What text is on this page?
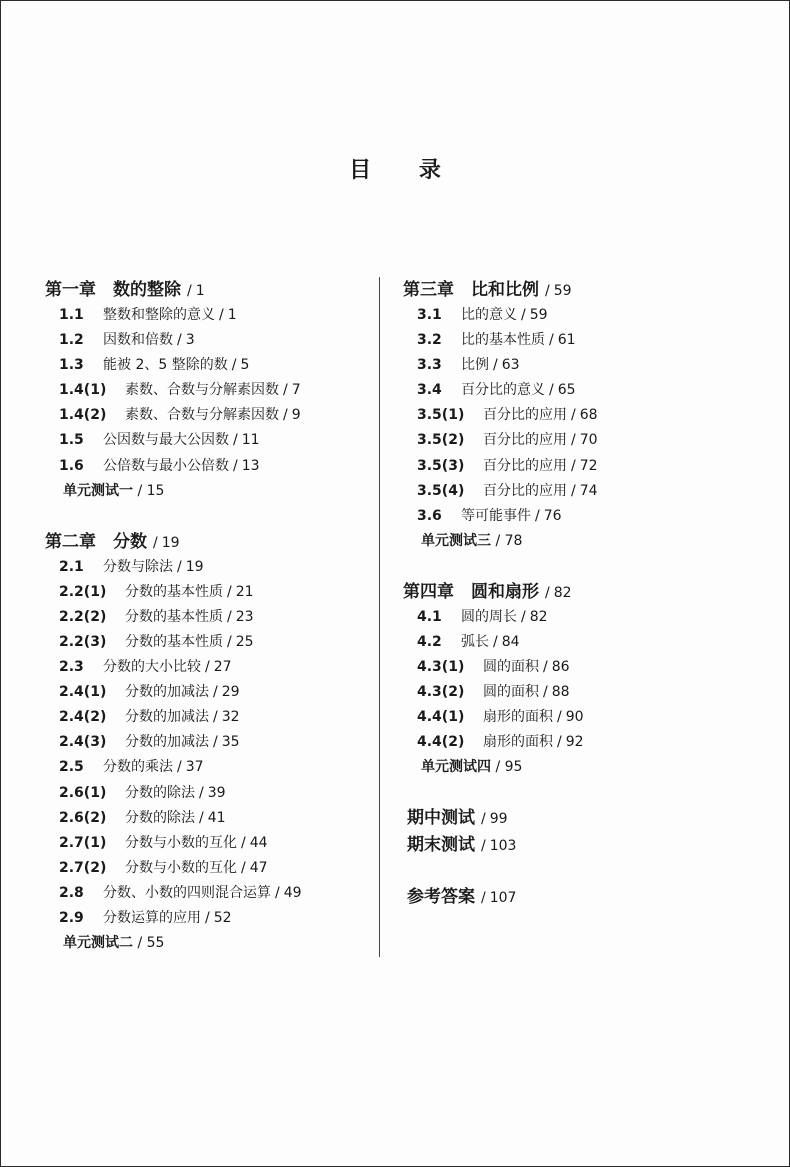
目 录
第一章　数的整除 / 1
1.1 整数和整除的意义 / 1
1.2 因数和倍数 / 3
1.3 能被 2、5 整除的数 / 5
1.4(1) 素数、合数与分解素因数 / 7
1.4(2) 素数、合数与分解素因数 / 9
1.5 公因数与最大公因数 / 11
1.6 公倍数与最小公倍数 / 13
单元测试一 / 15
第二章　分数 / 19
2.1 分数与除法 / 19
2.2(1) 分数的基本性质 / 21
2.2(2) 分数的基本性质 / 23
2.2(3) 分数的基本性质 / 25
2.3 分数的大小比较 / 27
2.4(1) 分数的加减法 / 29
2.4(2) 分数的加减法 / 32
2.4(3) 分数的加减法 / 35
2.5 分数的乘法 / 37
2.6(1) 分数的除法 / 39
2.6(2) 分数的除法 / 41
2.7(1) 分数与小数的互化 / 44
2.7(2) 分数与小数的互化 / 47
2.8 分数、小数的四则混合运算 / 49
2.9 分数运算的应用 / 52
单元测试二 / 55
第三章　比和比例 / 59
3.1 比的意义 / 59
3.2 比的基本性质 / 61
3.3 比例 / 63
3.4 百分比的意义 / 65
3.5(1) 百分比的应用 / 68
3.5(2) 百分比的应用 / 70
3.5(3) 百分比的应用 / 72
3.5(4) 百分比的应用 / 74
3.6 等可能事件 / 76
单元测试三 / 78
第四章　圆和扇形 / 82
4.1 圆的周长 / 82
4.2 弧长 / 84
4.3(1) 圆的面积 / 86
4.3(2) 圆的面积 / 88
4.4(1) 扇形的面积 / 90
4.4(2) 扇形的面积 / 92
单元测试四 / 95
期中测试 / 99
期末测试 / 103
参考答案 / 107
